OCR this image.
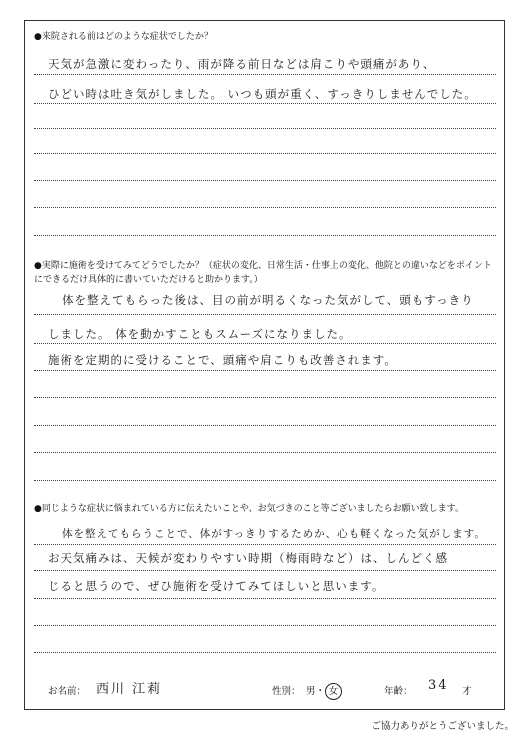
●来院される前はどのような症状でしたか？
天気が急激に変わったり、雨が降る前日などは肩こりや頭痛があり、
ひどい時は吐き気がしました。 いつも頭が重く、すっきりしませんでした。
●実際に施術を受けてみてどうでしたか？（症状の変化、日常生活・仕事上の変化、他院との違いなどをポイントにできるだけ具体的に書いていただけると助かります。）
体を整えてもらった後は、目の前が明るくなった気がして、頭もすっきり
しました。 体を動かすこともスムーズになりました。
施術を定期的に受けることで、頭痛や肩こりも改善されます。
●同じような症状に悩まれている方に伝えたいことや、お気づきのこと等ございましたらお願い致します。
体を整えてもらうことで、体がすっきりするためか、心も軽くなった気がします。
お天気痛みは、天候が変わりやすい時期（梅雨時など）は、しんどく感
じると思うので、ぜひ施術を受けてみてほしいと思います。
お名前： 西川 江莉	性別： 男・ 女	年齢： 34 才
ご協力ありがとうございました。
